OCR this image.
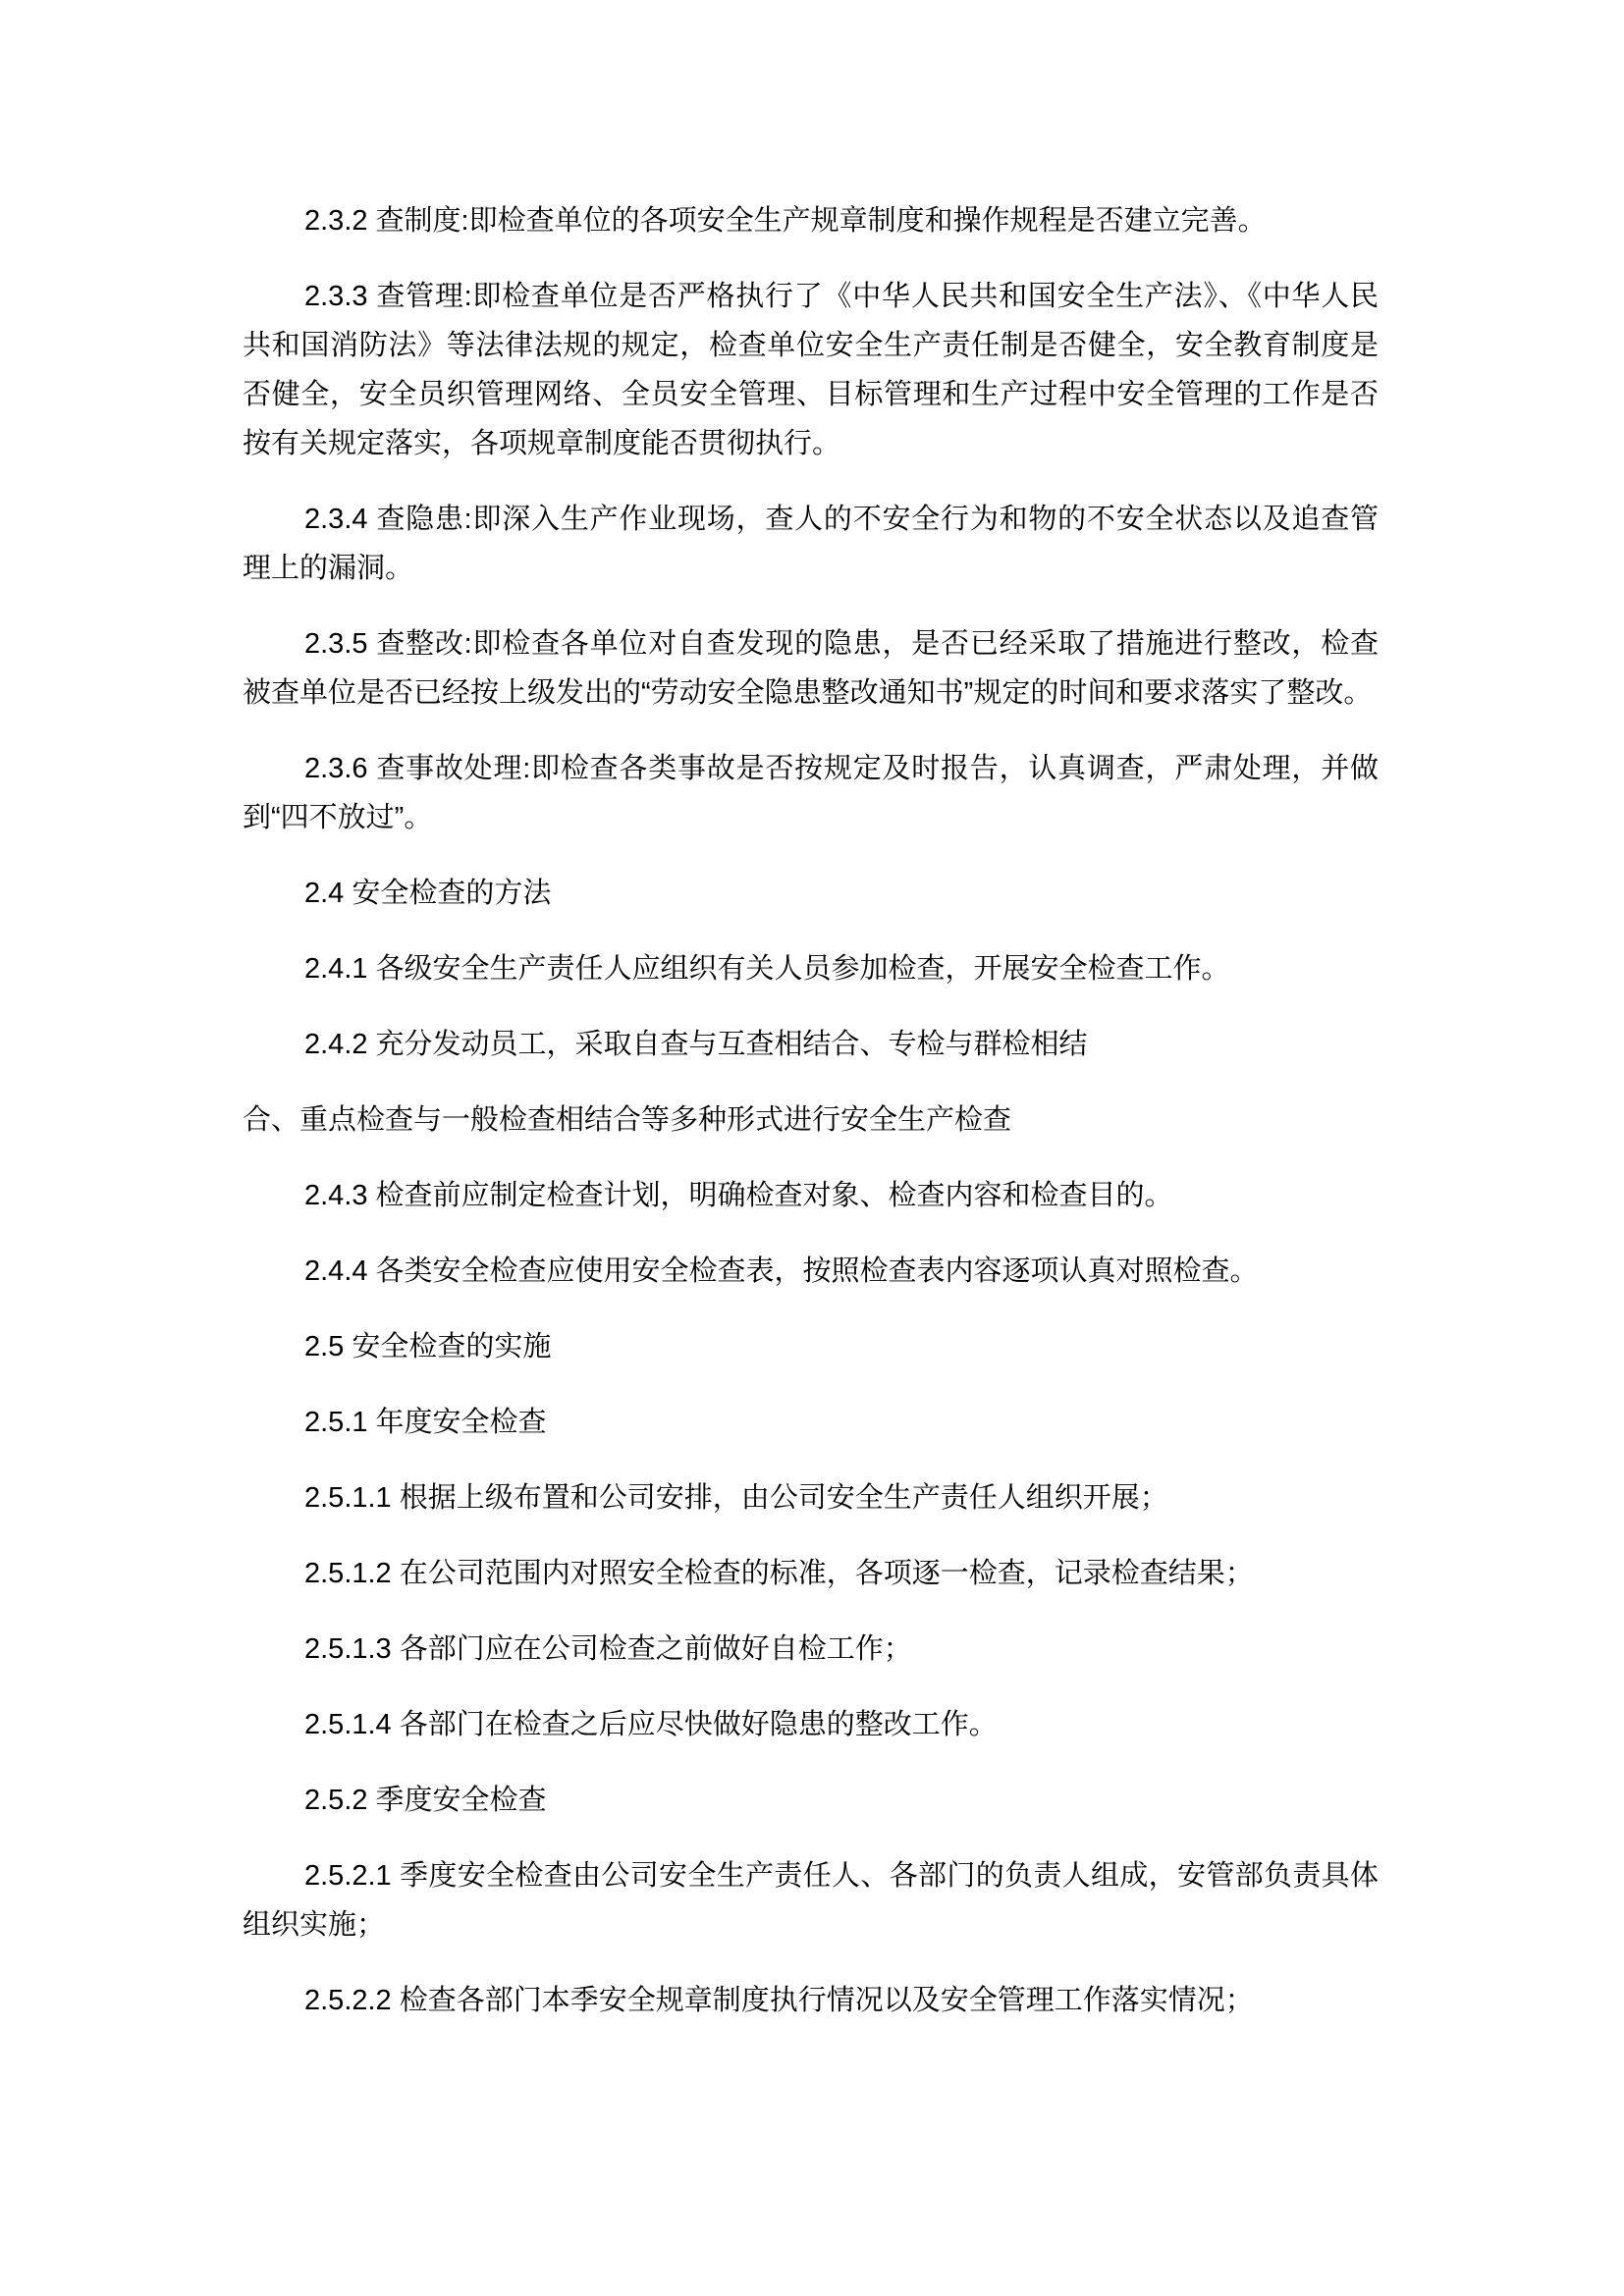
2.3.2 查制度:即检查单位的各项安全生产规章制度和操作规程是否建立完善。

2.3.3 查管理:即检查单位是否严格执行了《中华人民共和国安全生产法》、《中华人民共和国消防法》等法律法规的规定，检查单位安全生产责任制是否健全，安全教育制度是否健全，安全员织管理网络、全员安全管理、目标管理和生产过程中安全管理的工作是否按有关规定落实，各项规章制度能否贯彻执行。

2.3.4 查隐患:即深入生产作业现场，查人的不安全行为和物的不安全状态以及追查管理上的漏洞。

2.3.5 查整改:即检查各单位对自查发现的隐患，是否已经采取了措施进行整改，检查被查单位是否已经按上级发出的“劳动安全隐患整改通知书”规定的时间和要求落实了整改。

2.3.6 查事故处理:即检查各类事故是否按规定及时报告，认真调查，严肃处理，并做到“四不放过”。

2.4 安全检查的方法

2.4.1 各级安全生产责任人应组织有关人员参加检查，开展安全检查工作。

2.4.2 充分发动员工，采取自查与互查相结合、专检与群检相结

合、重点检查与一般检查相结合等多种形式进行安全生产检查

2.4.3 检查前应制定检查计划，明确检查对象、检查内容和检查目的。

2.4.4 各类安全检查应使用安全检查表，按照检查表内容逐项认真对照检查。

2.5 安全检查的实施

2.5.1 年度安全检查

2.5.1.1 根据上级布置和公司安排，由公司安全生产责任人组织开展；

2.5.1.2 在公司范围内对照安全检查的标准，各项逐一检查，记录检查结果；

2.5.1.3 各部门应在公司检查之前做好自检工作；

2.5.1.4 各部门在检查之后应尽快做好隐患的整改工作。

2.5.2 季度安全检查

2.5.2.1 季度安全检查由公司安全生产责任人、各部门的负责人组成，安管部负责具体组织实施；

2.5.2.2 检查各部门本季安全规章制度执行情况以及安全管理工作落实情况；
